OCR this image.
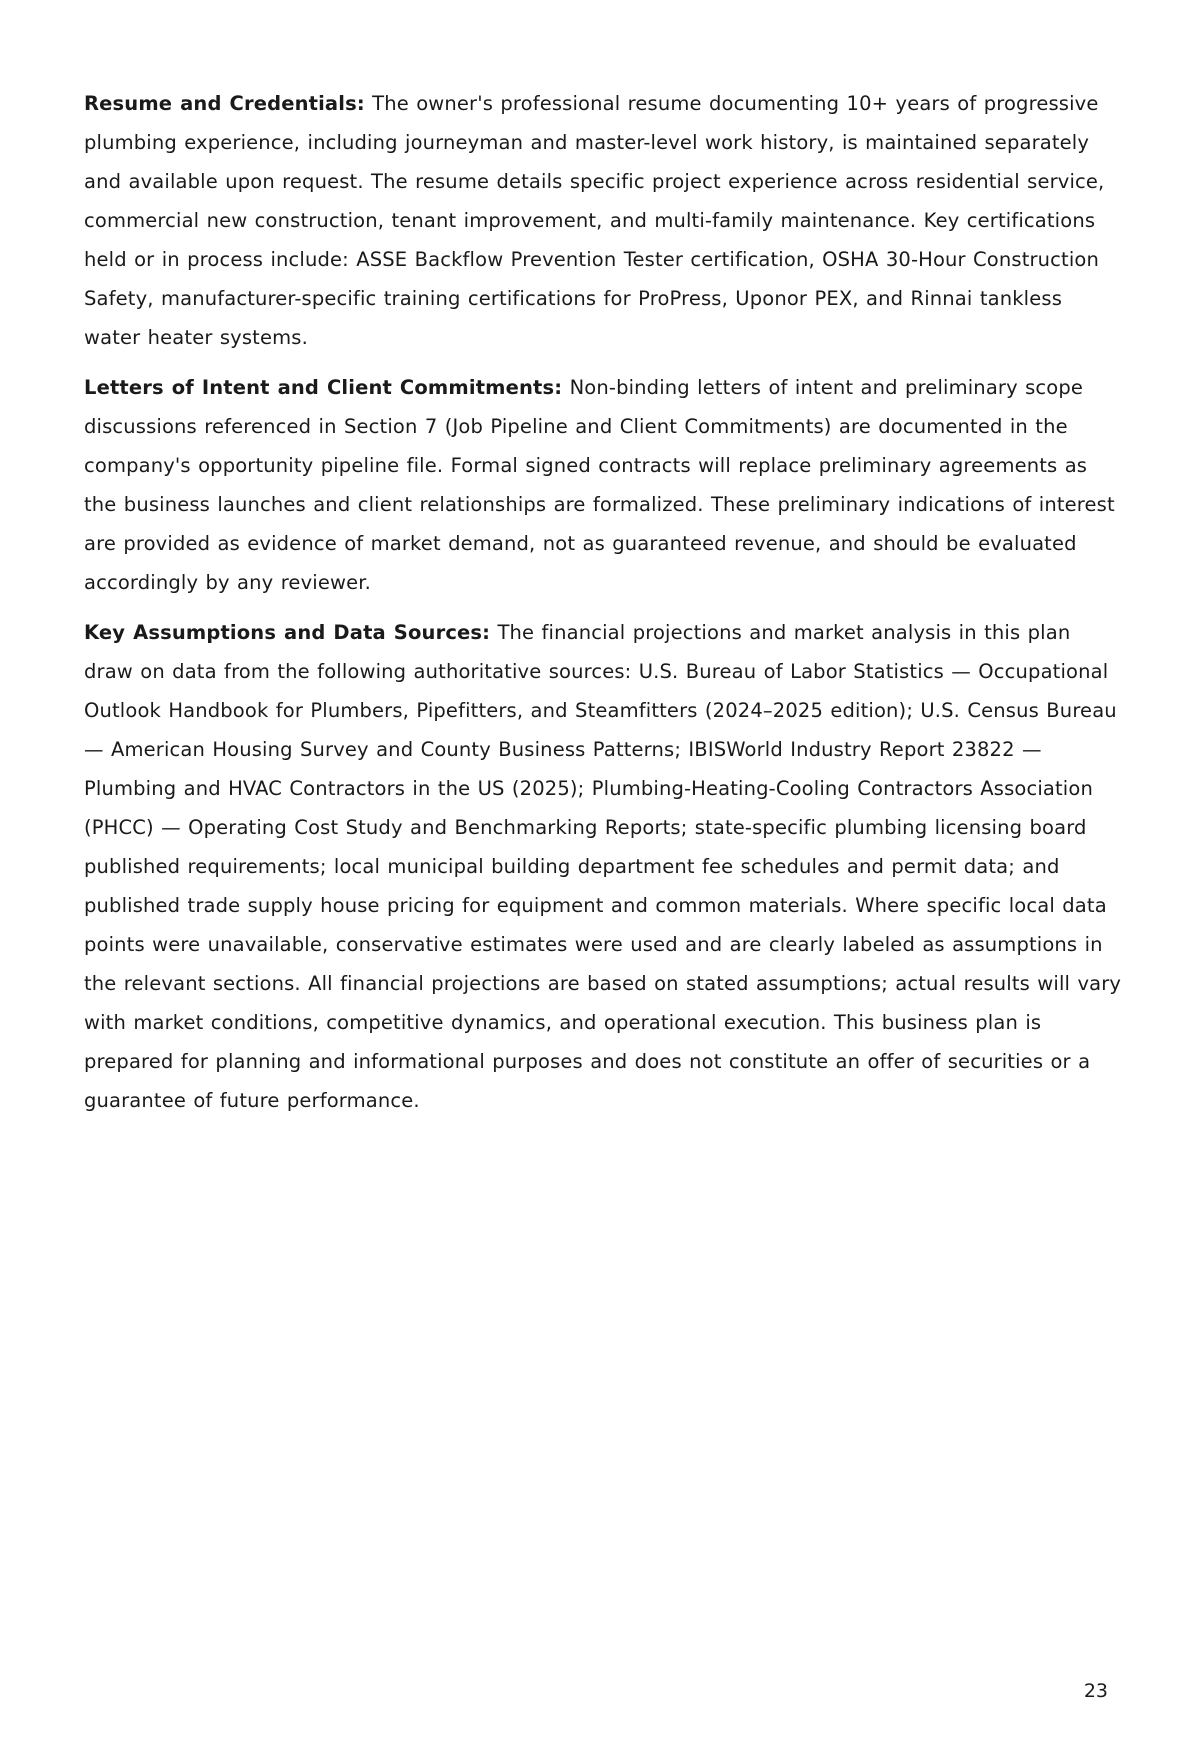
Resume and Credentials: The owner's professional resume documenting 10+ years of progressive plumbing experience, including journeyman and master-level work history, is maintained separately and available upon request. The resume details specific project experience across residential service, commercial new construction, tenant improvement, and multi-family maintenance. Key certifications held or in process include: ASSE Backflow Prevention Tester certification, OSHA 30-Hour Construction Safety, manufacturer-specific training certifications for ProPress, Uponor PEX, and Rinnai tankless water heater systems.

Letters of Intent and Client Commitments: Non-binding letters of intent and preliminary scope discussions referenced in Section 7 (Job Pipeline and Client Commitments) are documented in the company's opportunity pipeline file. Formal signed contracts will replace preliminary agreements as the business launches and client relationships are formalized. These preliminary indications of interest are provided as evidence of market demand, not as guaranteed revenue, and should be evaluated accordingly by any reviewer.

Key Assumptions and Data Sources: The financial projections and market analysis in this plan draw on data from the following authoritative sources: U.S. Bureau of Labor Statistics — Occupational Outlook Handbook for Plumbers, Pipefitters, and Steamfitters (2024–2025 edition); U.S. Census Bureau — American Housing Survey and County Business Patterns; IBISWorld Industry Report 23822 — Plumbing and HVAC Contractors in the US (2025); Plumbing-Heating-Cooling Contractors Association (PHCC) — Operating Cost Study and Benchmarking Reports; state-specific plumbing licensing board published requirements; local municipal building department fee schedules and permit data; and published trade supply house pricing for equipment and common materials. Where specific local data points were unavailable, conservative estimates were used and are clearly labeled as assumptions in the relevant sections. All financial projections are based on stated assumptions; actual results will vary with market conditions, competitive dynamics, and operational execution. This business plan is prepared for planning and informational purposes and does not constitute an offer of securities or a guarantee of future performance.

23
